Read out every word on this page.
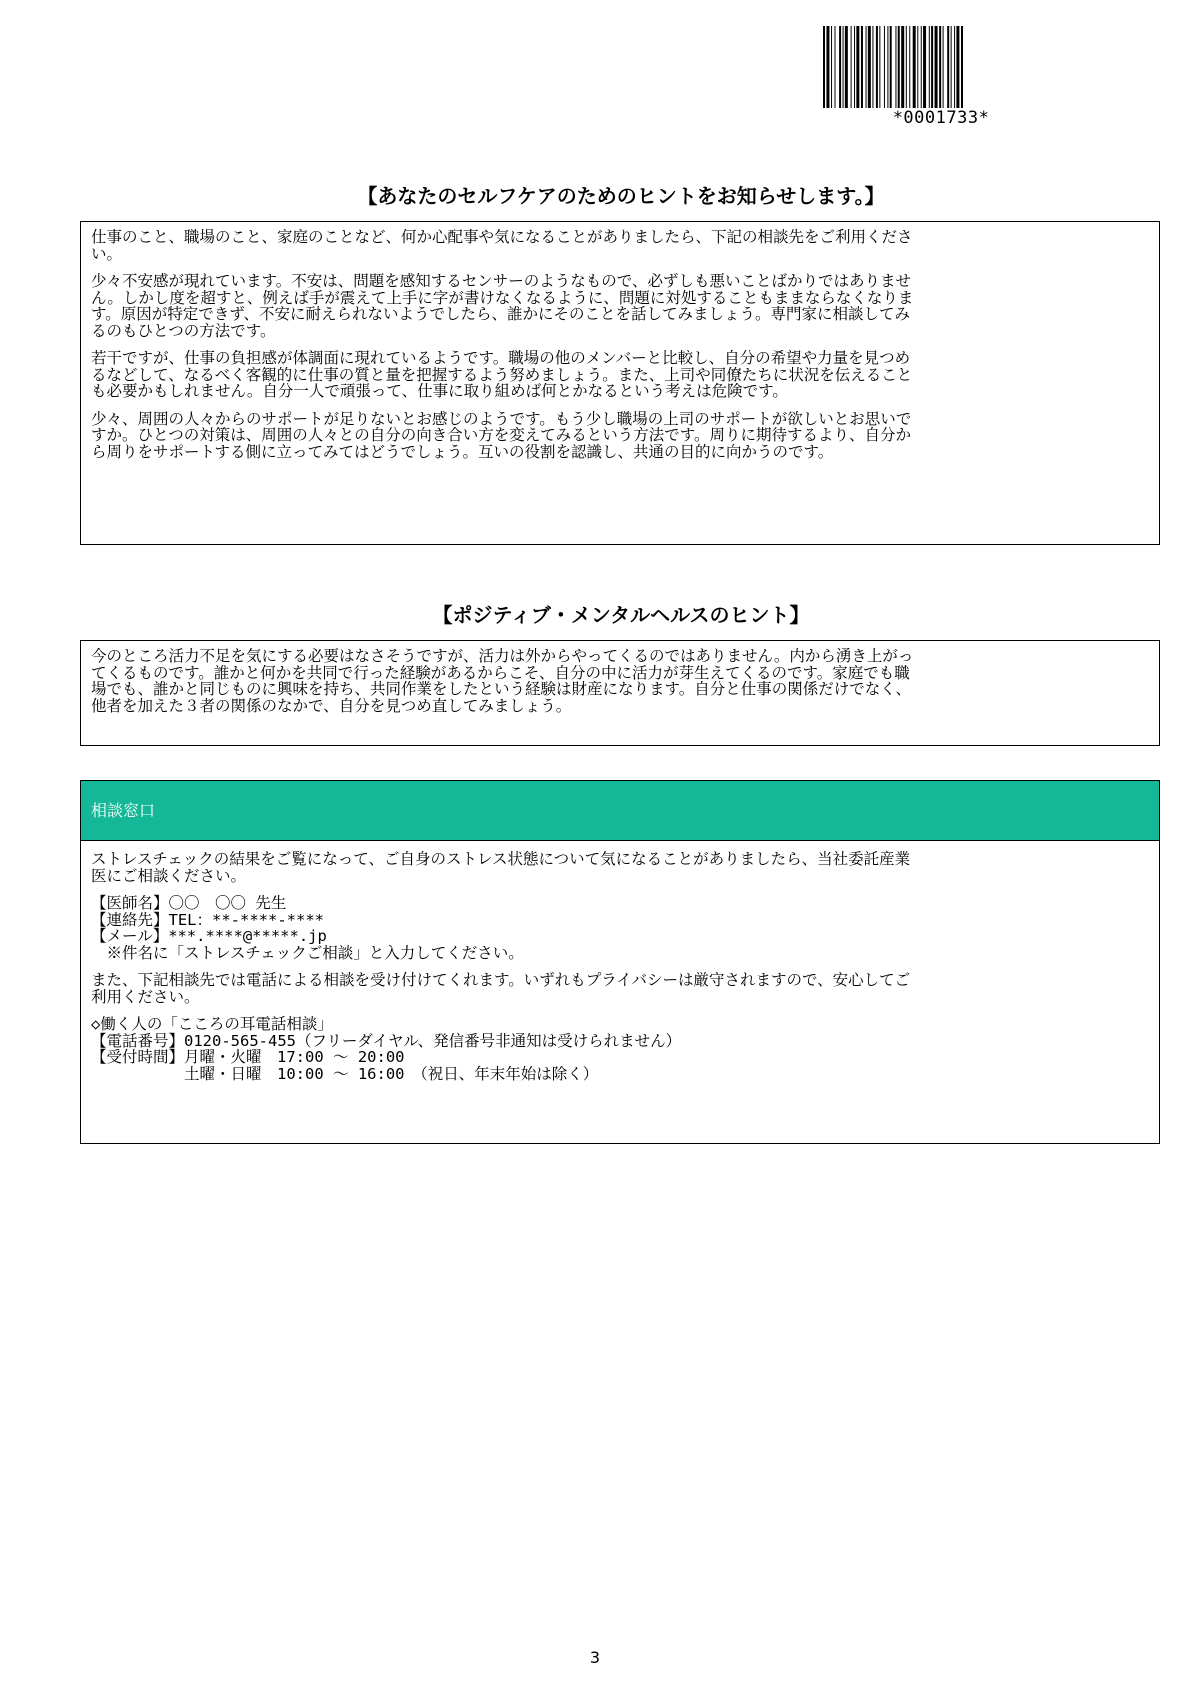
*0001733*
【あなたのセルフケアのためのヒントをお知らせします。】

仕事のこと、職場のこと、家庭のことなど、何か心配事や気になることがありましたら、下記の相談先をご利用くださ
い。

少々不安感が現れています。不安は、問題を感知するセンサーのようなもので、必ずしも悪いことばかりではありませ
ん。しかし度を超すと、例えば手が震えて上手に字が書けなくなるように、問題に対処することもままならなくなりま
す。原因が特定できず、不安に耐えられないようでしたら、誰かにそのことを話してみましょう。専門家に相談してみ
るのもひとつの方法です。

若干ですが、仕事の負担感が体調面に現れているようです。職場の他のメンバーと比較し、自分の希望や力量を見つめ
るなどして、なるべく客観的に仕事の質と量を把握するよう努めましょう。また、上司や同僚たちに状況を伝えること
も必要かもしれません。自分一人で頑張って、仕事に取り組めば何とかなるという考えは危険です。

少々、周囲の人々からのサポートが足りないとお感じのようです。もう少し職場の上司のサポートが欲しいとお思いで
すか。ひとつの対策は、周囲の人々との自分の向き合い方を変えてみるという方法です。周りに期待するより、自分か
ら周りをサポートする側に立ってみてはどうでしょう。互いの役割を認識し、共通の目的に向かうのです。

【ポジティブ・メンタルヘルスのヒント】

今のところ活力不足を気にする必要はなさそうですが、活力は外からやってくるのではありません。内から湧き上がっ
てくるものです。誰かと何かを共同で行った経験があるからこそ、自分の中に活力が芽生えてくるのです。家庭でも職
場でも、誰かと同じものに興味を持ち、共同作業をしたという経験は財産になります。自分と仕事の関係だけでなく、
他者を加えた３者の関係のなかで、自分を見つめ直してみましょう。

相談窓口

ストレスチェックの結果をご覧になって、ご自身のストレス状態について気になることがありましたら、当社委託産業
医にご相談ください。

【医師名】〇〇　〇〇 先生
【連絡先】TEL：**-****-****
【メール】***.****@*****.jp
　※件名に「ストレスチェックご相談」と入力してください。

また、下記相談先では電話による相談を受け付けてくれます。いずれもプライバシーは厳守されますので、安心してご
利用ください。

◇働く人の「こころの耳電話相談」
【電話番号】0120-565-455（フリーダイヤル、発信番号非通知は受けられません）
【受付時間】月曜・火曜　17:00 ～ 20:00
　　　　　　土曜・日曜　10:00 ～ 16:00　（祝日、年末年始は除く）
3
